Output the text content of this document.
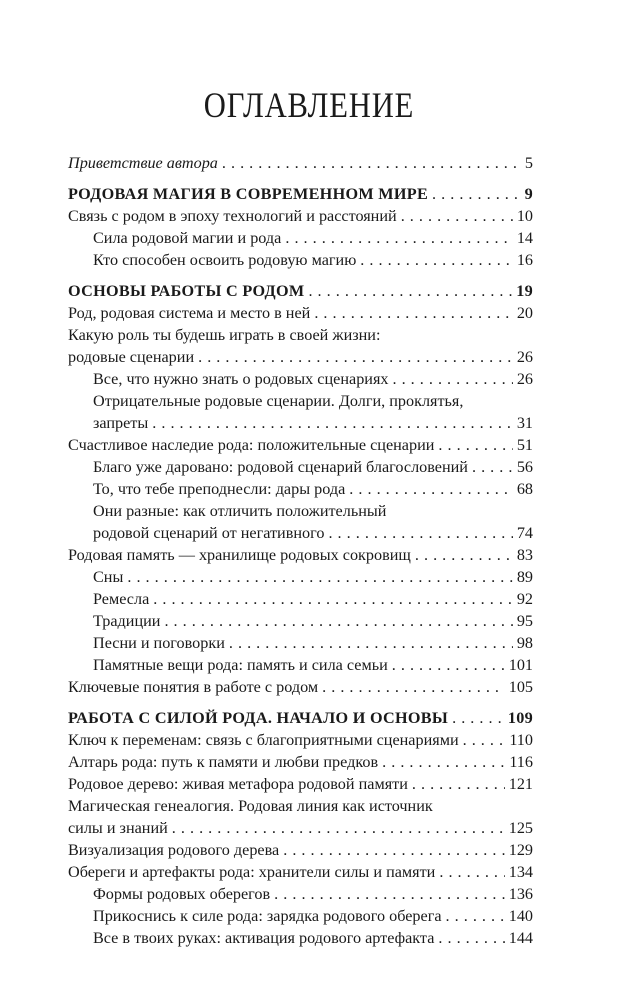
ОГЛАВЛЕНИЕ
Приветствие автора . . .	5
РОДОВАЯ МАГИЯ В СОВРЕМЕННОМ МИРЕ . . .	9
Связь с родом в эпоху технологий и расстояний . . .	10
Сила родовой магии и рода . . .	14
Кто способен освоить родовую магию . . .	16
ОСНОВЫ РАБОТЫ С РОДОМ . . .	19
Род, родовая система и место в ней . . .	20
Какую роль ты будешь играть в своей жизни:
родовые сценарии . . .	26
Все, что нужно знать о родовых сценариях . . .	26
Отрицательные родовые сценарии. Долги, проклятья,
запреты . . .	31
Счастливое наследие рода: положительные сценарии . . .	51
Благо уже даровано: родовой сценарий благословений . . .	56
То, что тебе преподнесли: дары рода . . .	68
Они разные: как отличить положительный
родовой сценарий от негативного . . .	74
Родовая память — хранилище родовых сокровищ . . .	83
Сны . . .	89
Ремесла . . .	92
Традиции . . .	95
Песни и поговорки . . .	98
Памятные вещи рода: память и сила семьи . . .	101
Ключевые понятия в работе с родом . . .	105
РАБОТА С СИЛОЙ РОДА. НАЧАЛО И ОСНОВЫ . . .	109
Ключ к переменам: связь с благоприятными сценариями . . .	110
Алтарь рода: путь к памяти и любви предков . . .	116
Родовое дерево: живая метафора родовой памяти . . .	121
Магическая генеалогия. Родовая линия как источник
силы и знаний . . .	125
Визуализация родового дерева . . .	129
Обереги и артефакты рода: хранители силы и памяти . . .	134
Формы родовых оберегов . . .	136
Прикоснись к силе рода: зарядка родового оберега . . .	140
Все в твоих руках: активация родового артефакта . . .	144
